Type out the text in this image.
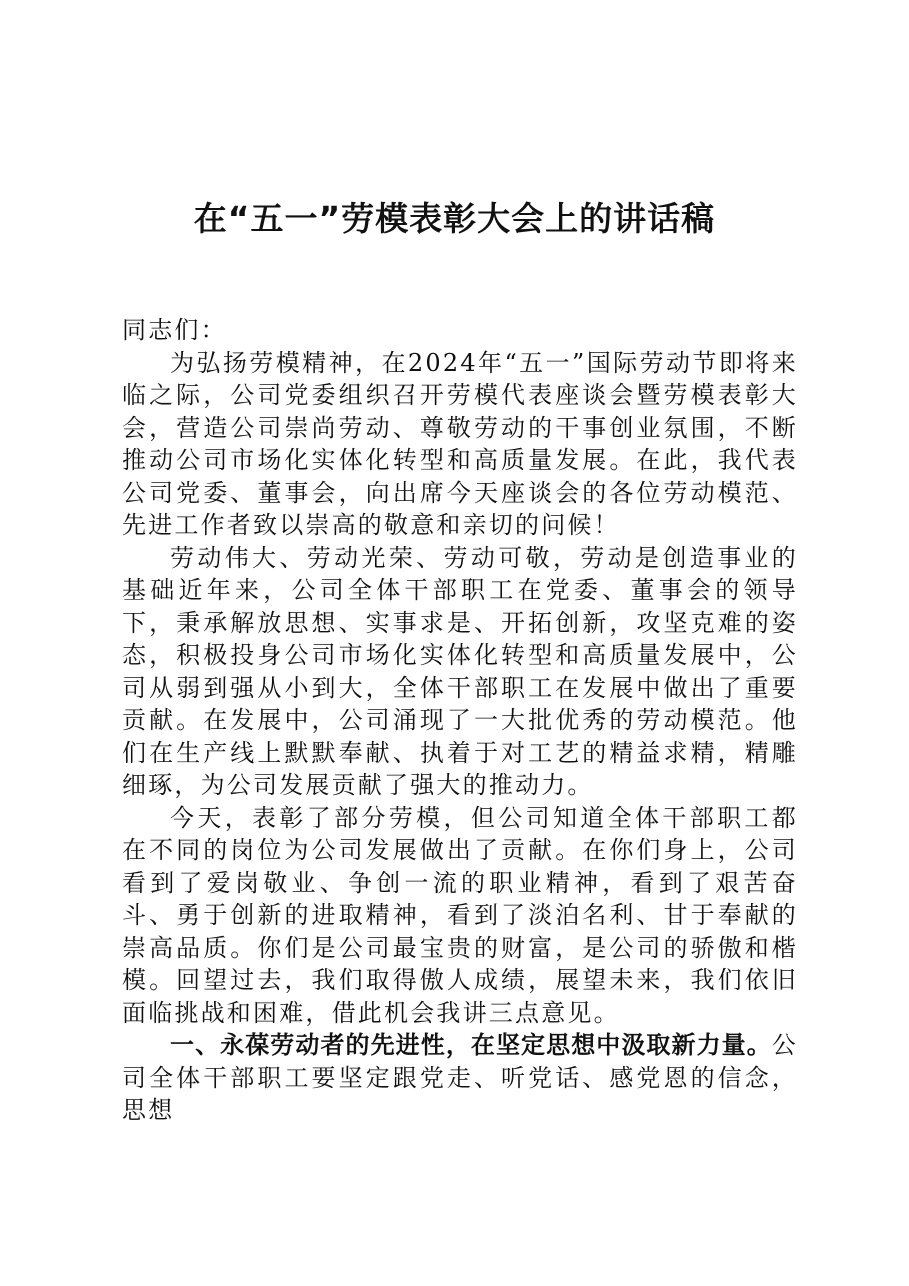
在“五一”劳模表彰大会上的讲话稿

同志们：

为弘扬劳模精神，在2024年“五一”国际劳动节即将来临之际，公司党委组织召开劳模代表座谈会暨劳模表彰大会，营造公司崇尚劳动、尊敬劳动的干事创业氛围，不断推动公司市场化实体化转型和高质量发展。在此，我代表公司党委、董事会，向出席今天座谈会的各位劳动模范、先进工作者致以崇高的敬意和亲切的问候！

劳动伟大、劳动光荣、劳动可敬，劳动是创造事业的基础近年来，公司全体干部职工在党委、董事会的领导下，秉承解放思想、实事求是、开拓创新，攻坚克难的姿态，积极投身公司市场化实体化转型和高质量发展中，公司从弱到强从小到大，全体干部职工在发展中做出了重要贡献。在发展中，公司涌现了一大批优秀的劳动模范。他们在生产线上默默奉献、执着于对工艺的精益求精，精雕细琢，为公司发展贡献了强大的推动力。

今天，表彰了部分劳模，但公司知道全体干部职工都在不同的岗位为公司发展做出了贡献。在你们身上，公司看到了爱岗敬业、争创一流的职业精神，看到了艰苦奋斗、勇于创新的进取精神，看到了淡泊名利、甘于奉献的崇高品质。你们是公司最宝贵的财富，是公司的骄傲和楷模。回望过去，我们取得傲人成绩，展望未来，我们依旧面临挑战和困难，借此机会我讲三点意见。

一、永葆劳动者的先进性，在坚定思想中汲取新力量。公司全体干部职工要坚定跟党走、听党话、感党恩的信念，思想
